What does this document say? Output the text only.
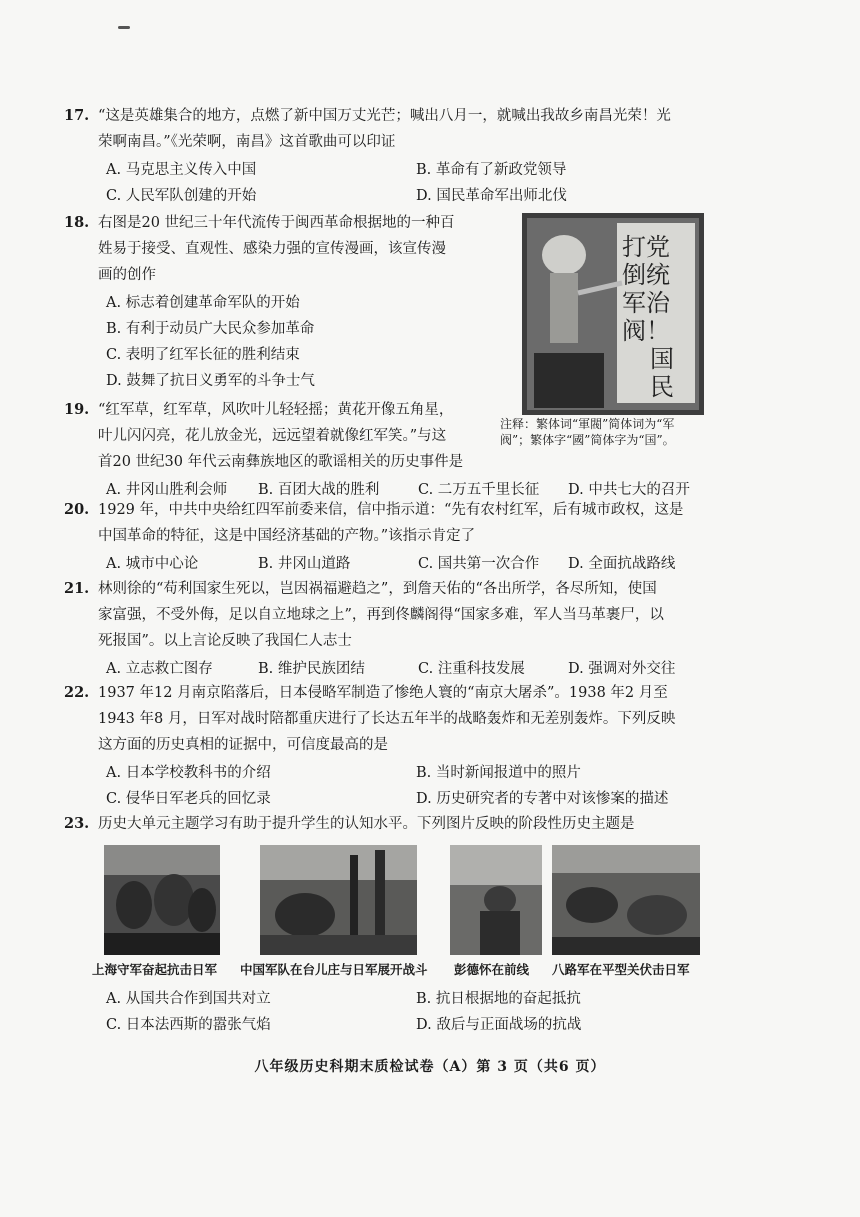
17. “这是英雄集合的地方，点燃了新中国万丈光芒；喊出八月一，就喊出我故乡南昌光荣！光

荣啊南昌。”《光荣啊，南昌》这首歌曲可以印证

A. 马克思主义传入中国	B. 革命有了新政党领导
C. 人民军队创建的开始	D. 国民革命军出师北伐
18. 右图是20 世纪三十年代流传于闽西革命根据地的一种百

姓易于接受、直观性、感染力强的宣传漫画，该宣传漫

画的创作

A. 标志着创建革命军队的开始
B. 有利于动员广大民众参加革命
C. 表明了红军长征的胜利结束
D. 鼓舞了抗日义勇军的斗争士气
打党
倒统
军治
阀！
国
民
注释：繁体词“軍閥”简体词为“军
阀”；繁体字“國”简体字为“国”。
19. “红军草，红军草，风吹叶儿轻轻摇；黄花开像五角星，

叶儿闪闪亮，花儿放金光，远远望着就像红军笑。”与这

首20 世纪30 年代云南彝族地区的歌谣相关的历史事件是

A. 井冈山胜利会师 B. 百团大战的胜利	C. 二万五千里长征 D. 中共七大的召开
20. 1929 年，中共中央给红四军前委来信，信中指示道：“先有农村红军，后有城市政权，这是

中国革命的特征，这是中国经济基础的产物。”该指示肯定了

A. 城市中心论	B. 井冈山道路	C. 国共第一次合作 D. 全面抗战路线
21. 林则徐的“苟利国家生死以，岂因祸福避趋之”，到詹天佑的“各出所学，各尽所知，使国

家富强，不受外侮，足以自立地球之上”，再到佟麟阁得“国家多难，军人当马革裹尸，以

死报国”。以上言论反映了我国仁人志士

A. 立志救亡图存	B. 维护民族团结	C. 注重科技发展	D. 强调对外交往
22. 1937 年12 月南京陷落后，日本侵略军制造了惨绝人寰的“南京大屠杀”。1938 年2 月至

1943 年8 月，日军对战时陪都重庆进行了长达五年半的战略轰炸和无差别轰炸。下列反映

这方面的历史真相的证据中，可信度最高的是

A. 日本学校教科书的介绍	B. 当时新闻报道中的照片
C. 侵华日军老兵的回忆录	D. 历史研究者的专著中对该惨案的描述
23. 历史大单元主题学习有助于提升学生的认知水平。下列图片反映的阶段性历史主题是

上海守军奋起抗击日军 中国军队在台儿庄与日军展开战斗 彭德怀在前线 八路军在平型关伏击日军
A. 从国共合作到国共对立	B. 抗日根据地的奋起抵抗
C. 日本法西斯的嚣张气焰	D. 敌后与正面战场的抗战
八年级历史科期末质检试卷（A）第 3 页（共6 页）
